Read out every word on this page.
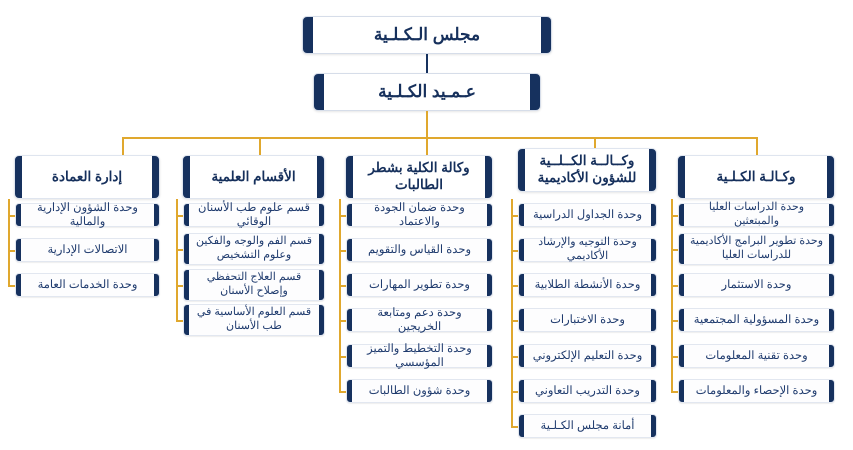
مجلس الـكـلـية
عـمـيد الكـلـية
وكـالـة الكـلـية
وحدة الدراسات العليا والمبتعثين
وحدة تطوير البرامج الأكاديمية للدراسات العليا
وحدة الاستثمار
وحدة المسؤولية المجتمعية
وحدة تقنية المعلومات
وحدة الإحصاء والمعلومات
وكــالــة الكــلــية للشؤون الأكاديمية
وحدة الجداول الدراسية
وحدة التوجيه والإرشاد الأكاديمي
وحدة الأنشطة الطلابية
وحدة الاختبارات
وحدة التعليم الإلكتروني
وحدة التدريب التعاوني
أمانة مجلس الكـلـية
وكالة الكلية بشطر الطالبات
وحدة ضمان الجودة والاعتماد
وحدة القياس والتقويم
وحدة تطوير المهارات
وحدة دعم ومتابعة الخريجين
وحدة التخطيط والتميز المؤسسي
وحدة شؤون الطالبات
الأقسام العلمية
قسم علوم طب الأسنان الوقائي
قسم الفم والوجه والفكين وعلوم التشخيص
قسم العلاج التحفظي وإصلاح الأسنان
قسم العلوم الأساسية في طب الأسنان
إدارة العمادة
وحدة الشؤون الإدارية والمالية
الاتصالات الإدارية
وحدة الخدمات العامة
